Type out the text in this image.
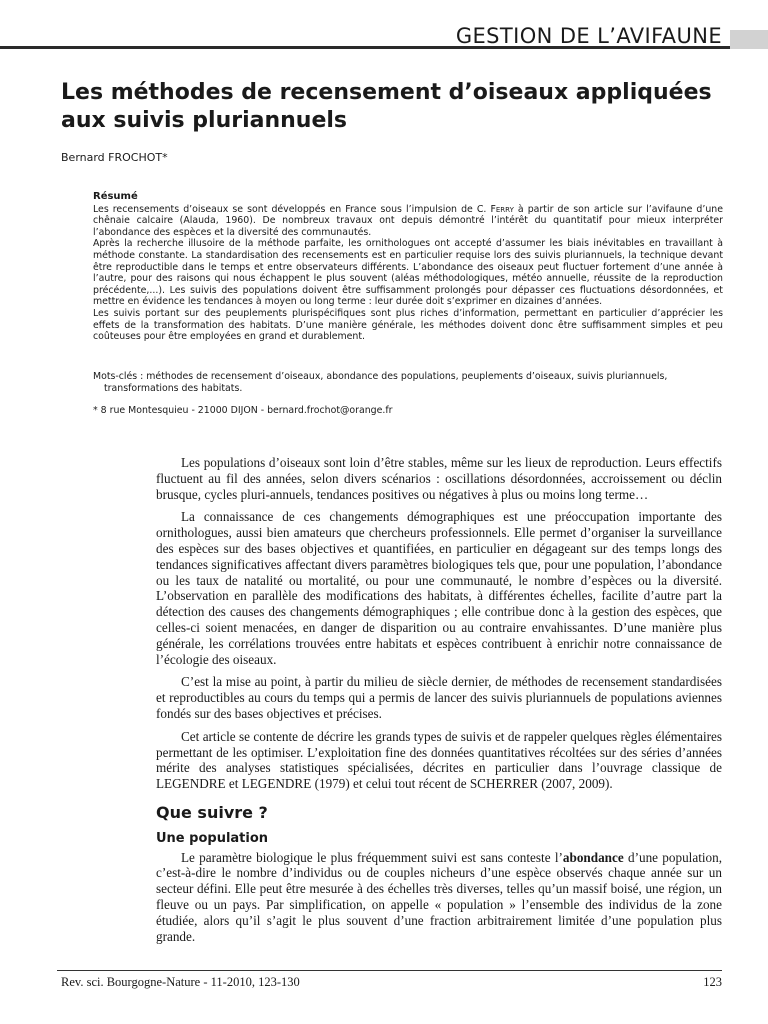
GESTION DE L’AVIFAUNE
Les méthodes de recensement d’oiseaux appliquées
aux suivis pluriannuels
Bernard FROCHOT*
Résumé

Les recensements d’oiseaux se sont développés en France sous l’impulsion de C. Ferry à partir de son article sur l’avifaune d’une chênaie calcaire (Alauda, 1960). De nombreux travaux ont depuis démontré l’intérêt du quantitatif pour mieux interpréter l’abondance des espèces et la diversité des communautés.

Après la recherche illusoire de la méthode parfaite, les ornithologues ont accepté d’assumer les biais inévitables en travaillant à méthode constante. La standardisation des recensements est en particulier requise lors des suivis pluriannuels, la technique devant être reproductible dans le temps et entre observateurs différents. L’abondance des oiseaux peut fluctuer fortement d’une année à l’autre, pour des raisons qui nous échappent le plus souvent (aléas méthodologiques, météo annuelle, réussite de la reproduction précédente,...). Les suivis des populations doivent être suffisamment prolongés pour dépasser ces fluctuations désordonnées, et mettre en évidence les tendances à moyen ou long terme : leur durée doit s’exprimer en dizaines d’années.

Les suivis portant sur des peuplements plurispécifiques sont plus riches d’information, permettant en particulier d’apprécier les effets de la transformation des habitats. D’une manière générale, les méthodes doivent donc être suffisamment simples et peu coûteuses pour être employées en grand et durablement.

Mots-clés : méthodes de recensement d’oiseaux, abondance des populations, peuplements d’oiseaux, suivis pluriannuels,
transformations des habitats.
* 8 rue Montesquieu - 21000 DIJON - bernard.frochot@orange.fr

Les populations d’oiseaux sont loin d’être stables, même sur les lieux de reproduction. Leurs effectifs fluctuent au fil des années, selon divers scénarios : oscillations désordonnées, accroissement ou déclin brusque, cycles pluri-annuels, tendances positives ou négatives à plus ou moins long terme…

La connaissance de ces changements démographiques est une préoccupation importante des ornithologues, aussi bien amateurs que chercheurs professionnels. Elle permet d’organiser la surveillance des espèces sur des bases objectives et quantifiées, en particulier en dégageant sur des temps longs des tendances significatives affectant divers paramètres biologiques tels que, pour une population, l’abondance ou les taux de natalité ou mortalité, ou pour une communauté, le nombre d’espèces ou la diversité. L’observation en parallèle des modifications des habitats, à différentes échelles, facilite d’autre part la détection des causes des changements démographiques ; elle contribue donc à la gestion des espèces, que celles-ci soient menacées, en danger de disparition ou au contraire envahissantes. D’une manière plus générale, les corrélations trouvées entre habitats et espèces contribuent à enrichir notre connaissance de l’écologie des oiseaux.

C’est la mise au point, à partir du milieu de siècle dernier, de méthodes de recensement standardisées et reproductibles au cours du temps qui a permis de lancer des suivis pluriannuels de populations aviennes fondés sur des bases objectives et précises.

Cet article se contente de décrire les grands types de suivis et de rappeler quelques règles élémentaires permettant de les optimiser. L’exploitation fine des données quantitatives récoltées sur des séries d’années mérite des analyses statistiques spécialisées, décrites en particulier dans l’ouvrage classique de LEGENDRE et LEGENDRE (1979) et celui tout récent de SCHERRER (2007, 2009).

Que suivre ?
Une population

Le paramètre biologique le plus fréquemment suivi est sans conteste l’abondance d’une population, c’est-à-dire le nombre d’individus ou de couples nicheurs d’une espèce observés chaque année sur un secteur défini. Elle peut être mesurée à des échelles très diverses, telles qu’un massif boisé, une région, un fleuve ou un pays. Par simplification, on appelle « population » l’ensemble des individus de la zone étudiée, alors qu’il s’agit le plus souvent d’une fraction arbitrairement limitée d’une population plus grande.

Rev. sci. Bourgogne-Nature - 11-2010, 123-130	123
